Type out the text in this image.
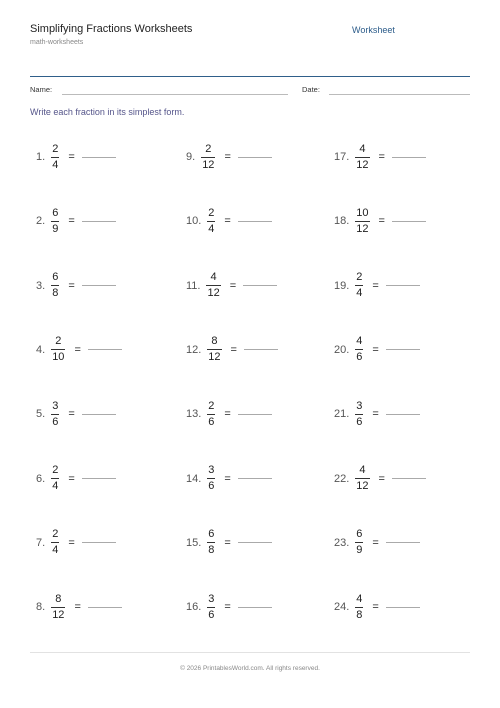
Simplifying Fractions Worksheets
math-worksheets
Worksheet
Name:	Date:
Write each fraction in its simplest form.
1. $\frac{2}{4}$ =
2. $\frac{6}{9}$ =
3. $\frac{6}{8}$ =
4. $\frac{2}{10}$ =
5. $\frac{3}{6}$ =
6. $\frac{2}{4}$ =
7. $\frac{2}{4}$ =
8. $\frac{8}{12}$ =
9. $\frac{2}{12}$ =
10. $\frac{2}{4}$ =
11. $\frac{4}{12}$ =
12. $\frac{8}{12}$ =
13. $\frac{2}{6}$ =
14. $\frac{3}{6}$ =
15. $\frac{6}{8}$ =
16. $\frac{3}{6}$ =
17. $\frac{4}{12}$ =
18. $\frac{10}{12}$ =
19. $\frac{2}{4}$ =
20. $\frac{4}{6}$ =
21. $\frac{3}{6}$ =
22. $\frac{4}{12}$ =
23. $\frac{6}{9}$ =
24. $\frac{4}{8}$ =
© 2026 PrintablesWorld.com. All rights reserved.
